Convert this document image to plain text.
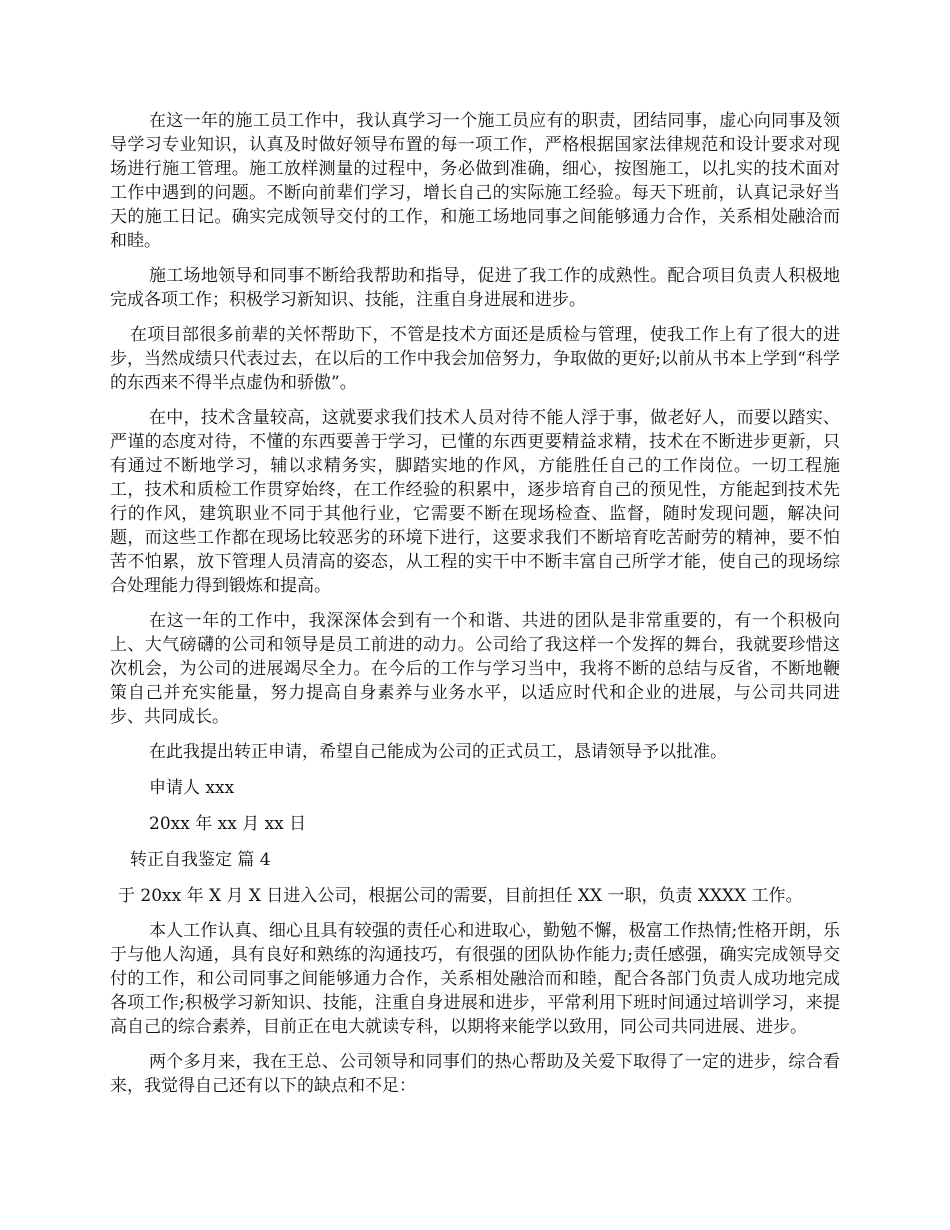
在这一年的施工员工作中，我认真学习一个施工员应有的职责，团结同事，虚心向同事及领导学习专业知识，认真及时做好领导布置的每一项工作，严格根据国家法律规范和设计要求对现场进行施工管理。施工放样测量的过程中，务必做到准确，细心，按图施工，以扎实的技术面对工作中遇到的问题。不断向前辈们学习，增长自己的实际施工经验。每天下班前，认真记录好当天的施工日记。确实完成领导交付的工作，和施工场地同事之间能够通力合作，关系相处融洽而和睦。

施工场地领导和同事不断给我帮助和指导，促进了我工作的成熟性。配合项目负责人积极地完成各项工作；积极学习新知识、技能，注重自身进展和进步。

在项目部很多前辈的关怀帮助下，不管是技术方面还是质检与管理，使我工作上有了很大的进步，当然成绩只代表过去，在以后的工作中我会加倍努力，争取做的更好;以前从书本上学到“科学的东西来不得半点虚伪和骄傲”。

在中，技术含量较高，这就要求我们技术人员对待不能人浮于事，做老好人，而要以踏实、严谨的态度对待，不懂的东西要善于学习，已懂的东西更要精益求精，技术在不断进步更新，只有通过不断地学习，辅以求精务实，脚踏实地的作风，方能胜任自己的工作岗位。一切工程施工，技术和质检工作贯穿始终，在工作经验的积累中，逐步培育自己的预见性，方能起到技术先行的作风，建筑职业不同于其他行业，它需要不断在现场检查、监督，随时发现问题，解决问题，而这些工作都在现场比较恶劣的环境下进行，这要求我们不断培育吃苦耐劳的精神，要不怕苦不怕累，放下管理人员清高的姿态，从工程的实干中不断丰富自己所学才能，使自己的现场综合处理能力得到锻炼和提高。

在这一年的工作中，我深深体会到有一个和谐、共进的团队是非常重要的，有一个积极向上、大气磅礴的公司和领导是员工前进的动力。公司给了我这样一个发挥的舞台，我就要珍惜这次机会，为公司的进展竭尽全力。在今后的工作与学习当中，我将不断的总结与反省，不断地鞭策自己并充实能量，努力提高自身素养与业务水平，以适应时代和企业的进展，与公司共同进步、共同成长。

在此我提出转正申请，希望自己能成为公司的正式员工，恳请领导予以批准。

申请人 xxx

20xx 年 xx 月 xx 日

转正自我鉴定 篇 4

于 20xx 年 X 月 X 日进入公司，根据公司的需要，目前担任 XX 一职，负责 XXXX 工作。

本人工作认真、细心且具有较强的责任心和进取心，勤勉不懈，极富工作热情;性格开朗，乐于与他人沟通，具有良好和熟练的沟通技巧，有很强的团队协作能力;责任感强，确实完成领导交付的工作，和公司同事之间能够通力合作，关系相处融洽而和睦，配合各部门负责人成功地完成各项工作;积极学习新知识、技能，注重自身进展和进步，平常利用下班时间通过培训学习，来提高自己的综合素养，目前正在电大就读专科，以期将来能学以致用，同公司共同进展、进步。

两个多月来，我在王总、公司领导和同事们的热心帮助及关爱下取得了一定的进步，综合看来，我觉得自己还有以下的缺点和不足：
